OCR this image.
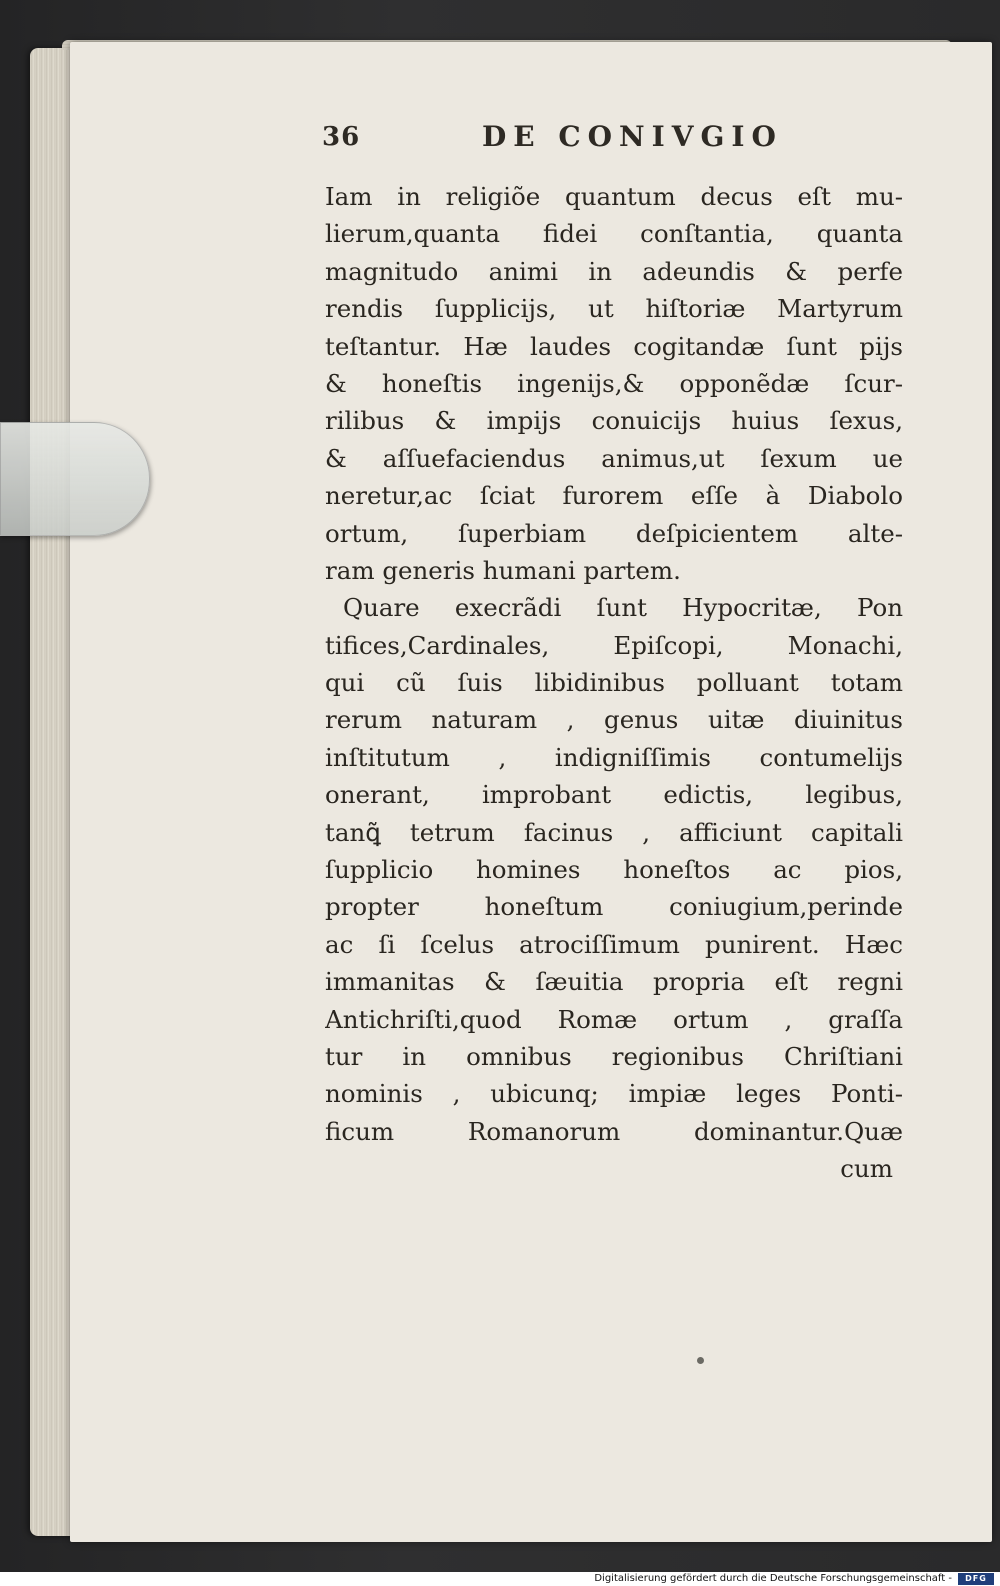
36	DE CONIVGIO
Iam in religiõe quantum decus eſt mu-
lierum,quanta fidei conſtantia, quanta
magnitudo animi in adeundis & perfe
rendis ſupplicijs, ut hiſtoriæ Martyrum
teſtantur. Hæ laudes cogitandæ ſunt pijs
& honeſtis ingenijs,& opponẽdæ ſcur-
rilibus & impijs conuicijs huius ſexus,
& aſſuefaciendus animus,ut ſexum ue
neretur,ac ſciat furorem eſſe à Diabolo
ortum, ſuperbiam deſpicientem alte-
ram generis humani partem.
Quare execrãdi ſunt Hypocritæ, Pon
tifices,Cardinales, Epiſcopi, Monachi,
qui cũ ſuis libidinibus polluant totam
rerum naturam , genus uitæ diuinitus
inſtitutum , indigniſſimis contumelijs
onerant, improbant edictis, legibus,
tanꝗ̃ tetrum facinus , afficiunt capitali
ſupplicio homines honeſtos ac pios,
propter honeſtum coniugium,perinde
ac ſi ſcelus atrociſſimum punirent. Hæc
immanitas & ſæuitia propria eſt regni
Antichriſti,quod Romæ ortum , graſſa
tur in omnibus regionibus Chriſtiani
nominis , ubicunq; impiæ leges Ponti-
ficum Romanorum dominantur.Quæ
cum
Digitalisierung gefördert durch die Deutsche Forschungsgemeinschaft -	DFG
